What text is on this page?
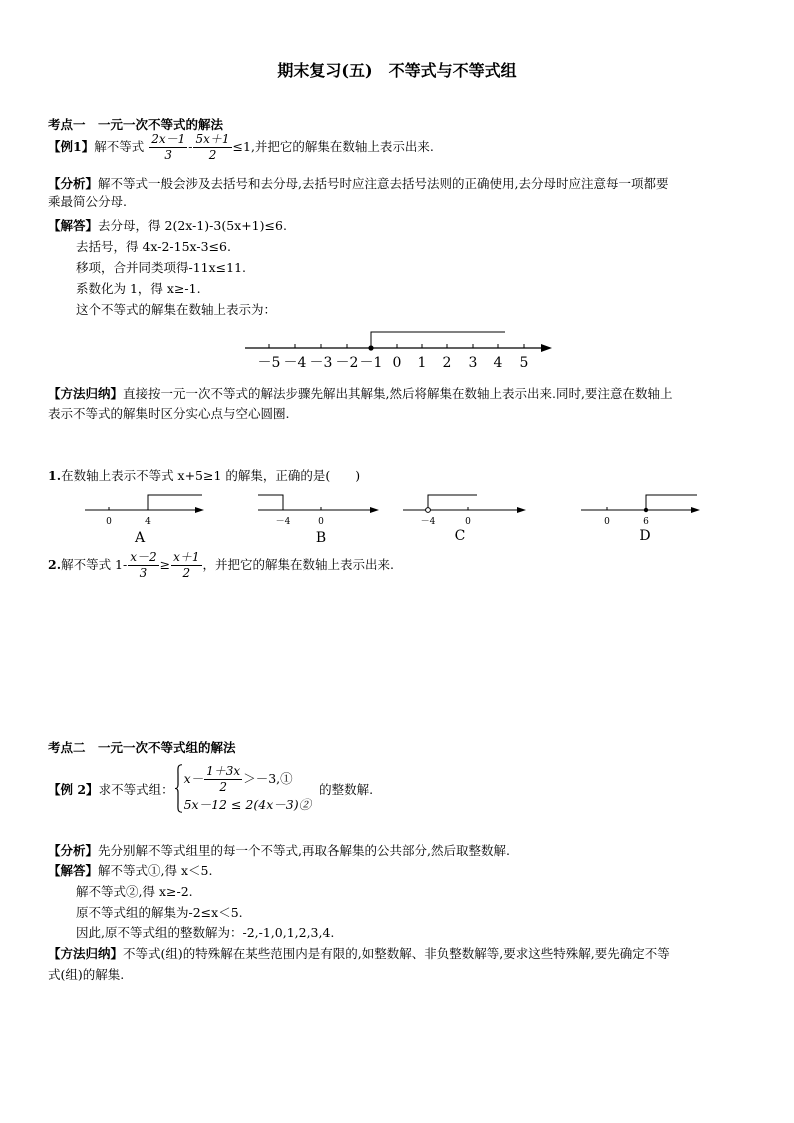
期末复习(五)　不等式与不等式组
考点一　一元一次不等式的解法
【例1】解不等式 $\frac{2x-1}{3} - \frac{5x+1}{2} \le 1$,并把它的解集在数轴上表示出来.
【分析】解不等式一般会涉及去括号和去分母,去括号时应注意去括号法则的正确使用,去分母时应注意每一项都要
乘最简公分母.
【解答】去分母，得 2(2x-1)-3(5x+1)≤6.
去括号，得 4x-2-15x-3≤6.
移项，合并同类项得-11x≤11.
系数化为 1，得 x≥-1.
这个不等式的解集在数轴上表示为：
－5 －4 －3 －2 －1 0 1 2 3 4 5
【方法归纳】直接按一元一次不等式的解法步骤先解出其解集,然后将解集在数轴上表示出来.同时,要注意在数轴上
表示不等式的解集时区分实心点与空心圆圈.
1.在数轴上表示不等式 x+5≥1 的解集，正确的是(　　)
0	4
A
－4	0
B
－4	0
C
0	6
D
2.解不等式 $1- \frac{x-2}{3} \ge \frac{x+1}{2}$ ，并把它的解集在数轴上表示出来.
考点二　一元一次不等式组的解法
【例 2】求不等式组：
$x- \frac{1+3x}{2}$ ＞－3,①
5x－12 ≤ 2(4x－3)②
的整数解.
【分析】先分别解不等式组里的每一个不等式,再取各解集的公共部分,然后取整数解.
【解答】解不等式①,得 x＜5.
解不等式②,得 x≥-2.
原不等式组的解集为-2≤x＜5.
因此,原不等式组的整数解为：-2,-1,0,1,2,3,4.
【方法归纳】不等式(组)的特殊解在某些范围内是有限的,如整数解、非负整数解等,要求这些特殊解,要先确定不等
式(组)的解集.
